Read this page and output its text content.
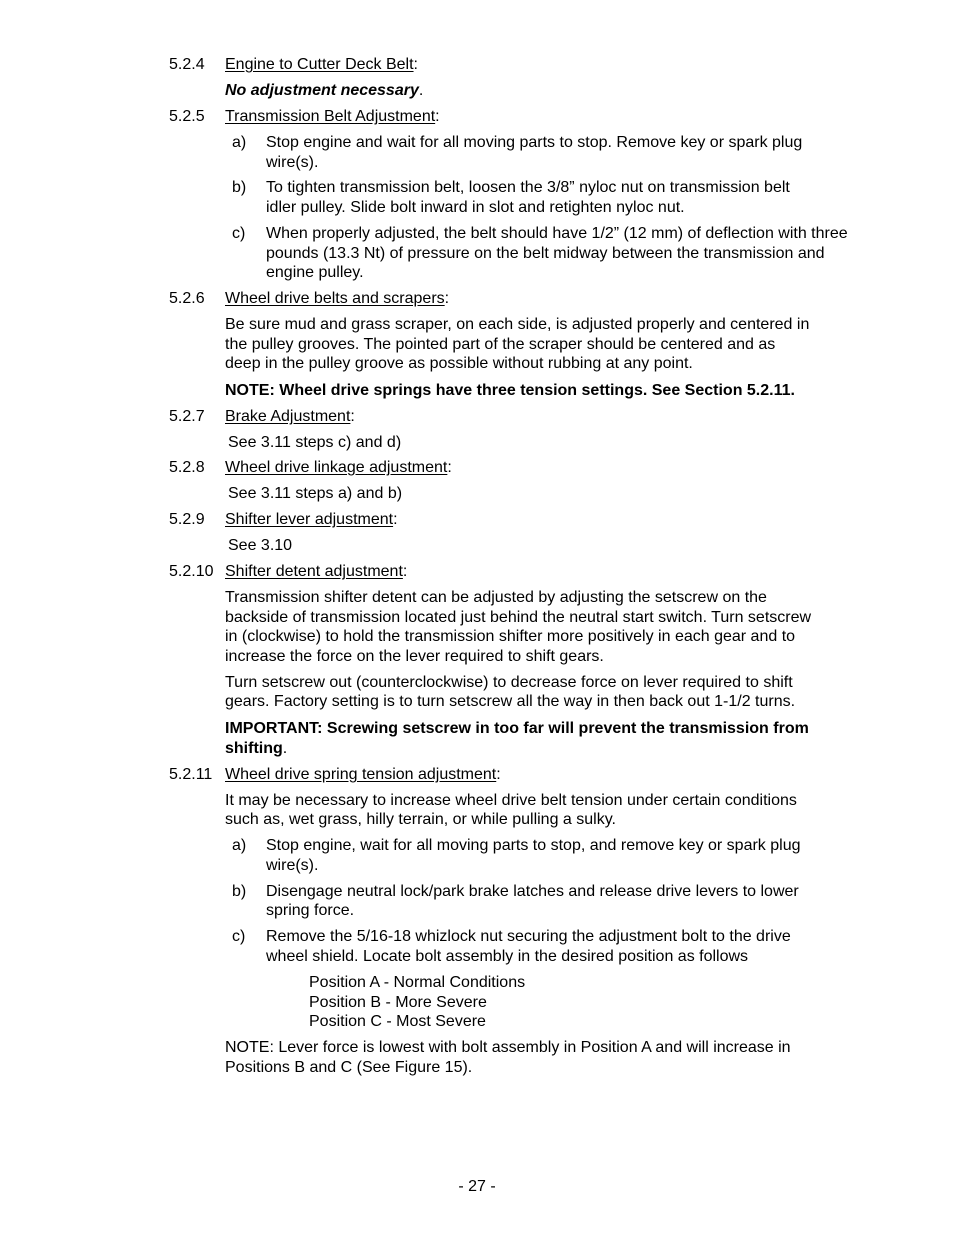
5.2.4 Engine to Cutter Deck Belt:
No adjustment necessary.
5.2.5 Transmission Belt Adjustment:
a) Stop engine and wait for all moving parts to stop. Remove key or spark plug
wire(s).
b) To tighten transmission belt, loosen the 3/8” nyloc nut on transmission belt
idler pulley. Slide bolt inward in slot and retighten nyloc nut.
c) When properly adjusted, the belt should have 1/2” (12 mm) of deflection with three
pounds (13.3 Nt) of pressure on the belt midway between the transmission and
engine pulley.
5.2.6 Wheel drive belts and scrapers:
Be sure mud and grass scraper, on each side, is adjusted properly and centered in
the pulley grooves. The pointed part of the scraper should be centered and as
deep in the pulley groove as possible without rubbing at any point.
NOTE: Wheel drive springs have three tension settings. See Section 5.2.11.
5.2.7 Brake Adjustment:
See 3.11 steps c) and d)
5.2.8 Wheel drive linkage adjustment:
See 3.11 steps a) and b)
5.2.9 Shifter lever adjustment:
See 3.10
5.2.10 Shifter detent adjustment:
Transmission shifter detent can be adjusted by adjusting the setscrew on the
backside of transmission located just behind the neutral start switch. Turn setscrew
in (clockwise) to hold the transmission shifter more positively in each gear and to
increase the force on the lever required to shift gears.
Turn setscrew out (counterclockwise) to decrease force on lever required to shift
gears. Factory setting is to turn setscrew all the way in then back out 1-1/2 turns.
IMPORTANT: Screwing setscrew in too far will prevent the transmission from
shifting.
5.2.11 Wheel drive spring tension adjustment:
It may be necessary to increase wheel drive belt tension under certain conditions
such as, wet grass, hilly terrain, or while pulling a sulky.
a) Stop engine, wait for all moving parts to stop, and remove key or spark plug
wire(s).
b) Disengage neutral lock/park brake latches and release drive levers to lower
spring force.
c) Remove the 5/16-18 whizlock nut securing the adjustment bolt to the drive
wheel shield. Locate bolt assembly in the desired position as follows
Position A - Normal Conditions
Position B - More Severe
Position C - Most Severe
NOTE: Lever force is lowest with bolt assembly in Position A and will increase in
Positions B and C (See Figure 15).
- 27 -
